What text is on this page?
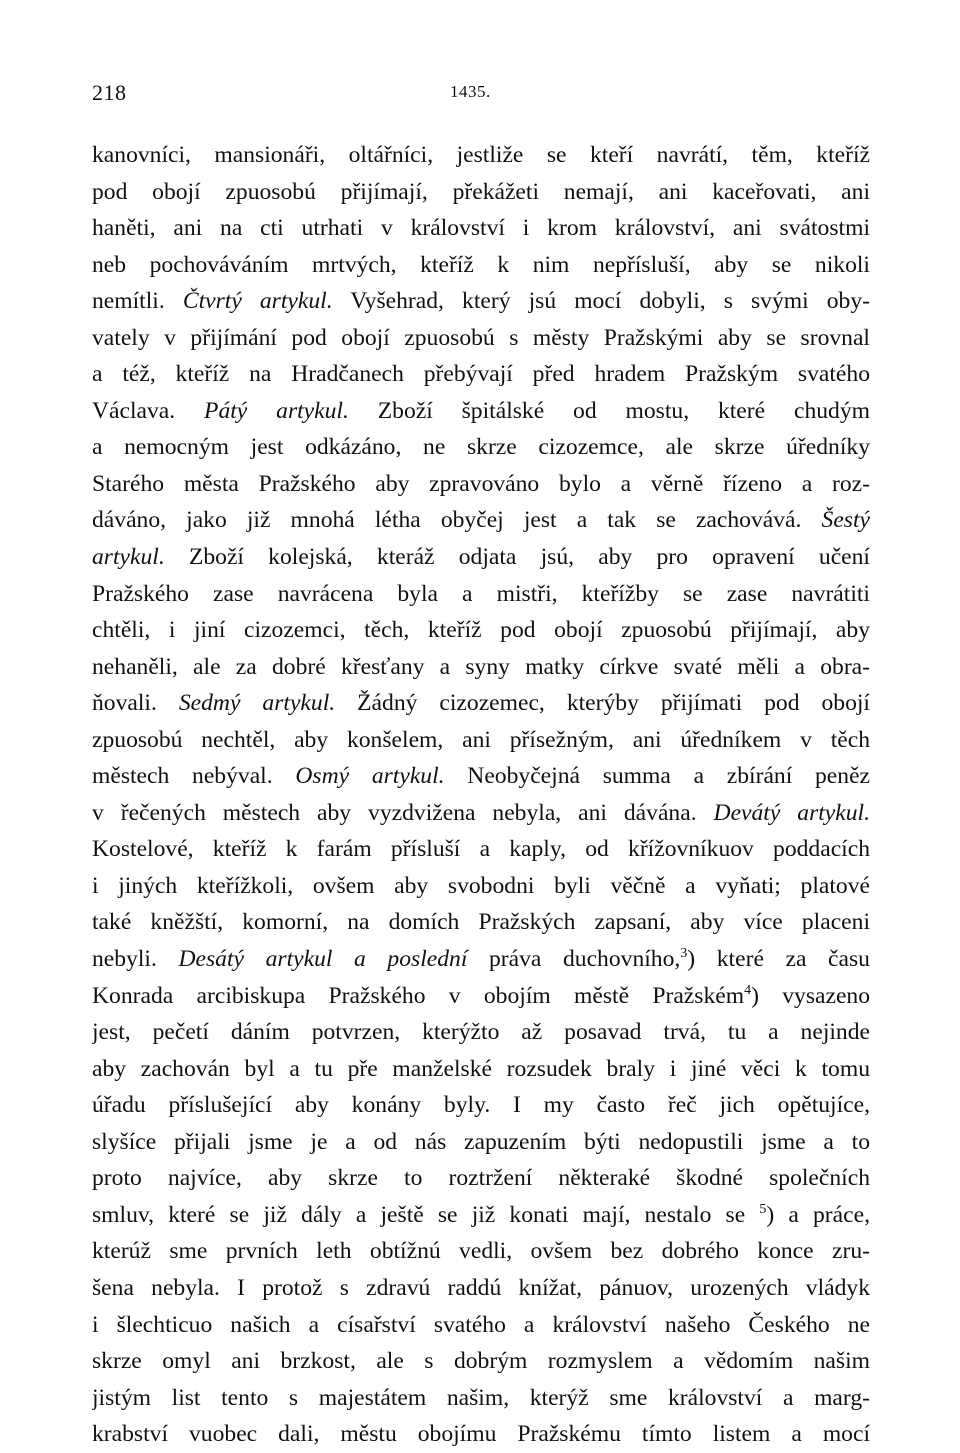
218	1435.
kanovníci, mansionáři, oltářníci, jestliže se kteří navrátí, těm, kteříž
pod obojí zpuosobú přijímají, překážeti nemají, ani kaceřovati, ani
haněti, ani na cti utrhati v království i krom království, ani svátostmi
neb pochováváním mrtvých, kteříž k nim nepřísluší, aby se nikoli
nemítli. Čtvrtý artykul. Vyšehrad, který jsú mocí dobyli, s svými oby-
vately v přijímání pod obojí zpuosobú s městy Pražskými aby se srovnal
a též, kteříž na Hradčanech přebývají před hradem Pražským svatého
Václava. Pátý artykul. Zboží špitálské od mostu, které chudým
a nemocným jest odkázáno, ne skrze cizozemce, ale skrze úředníky
Starého města Pražského aby zpravováno bylo a věrně řízeno a roz-
dáváno, jako již mnohá létha obyčej jest a tak se zachovává. Šestý
artykul. Zboží kolejská, kteráž odjata jsú, aby pro opravení učení
Pražského zase navrácena byla a mistři, kteřížby se zase navrátiti
chtěli, i jiní cizozemci, těch, kteříž pod obojí zpuosobú přijímají, aby
nehaněli, ale za dobré křesťany a syny matky církve svaté měli a obra-
ňovali. Sedmý artykul. Žádný cizozemec, kterýby přijímati pod obojí
zpuosobú nechtěl, aby konšelem, ani přísežným, ani úředníkem v těch
městech nebýval. Osmý artykul. Neobyčejná summa a zbírání peněz
v řečených městech aby vyzdvižena nebyla, ani dávána. Devátý artykul.
Kostelové, kteříž k farám přísluší a kaply, od křížovníkuov poddacích
i jiných kteřížkoli, ovšem aby svobodni byli věčně a vyňati; platové
také kněžští, komorní, na domích Pražských zapsaní, aby více placeni
nebyli. Desátý artykul a poslední práva duchovního,$^3$) které za času
Konrada arcibiskupa Pražského v obojím městě Pražském$^4$) vysazeno
jest, pečetí dáním potvrzen, kterýžto až posavad trvá, tu a nejinde
aby zachován byl a tu pře manželské rozsudek braly i jiné věci k tomu
úřadu příslušející aby konány byly. I my často řeč jich opětujíce,
slyšíce přijali jsme je a od nás zapuzením býti nedopustili jsme a to
proto najvíce, aby skrze to roztržení některaké škodné společních
smluv, které se již dály a ještě se již konati mají, nestalo se $^5$) a práce,
kterúž sme prvních leth obtížnú vedli, ovšem bez dobrého konce zru-
šena nebyla. I protož s zdravú raddú knížat, pánuov, urozených vládyk
i šlechticuo našich a císařství svatého a království našeho Českého ne
skrze omyl ani brzkost, ale s dobrým rozmyslem a vědomím našim
jistým list tento s majestátem našim, kterýž sme království a marg-
krabství vuobec dali, městu obojímu Pražskému tímto listem a mocí
